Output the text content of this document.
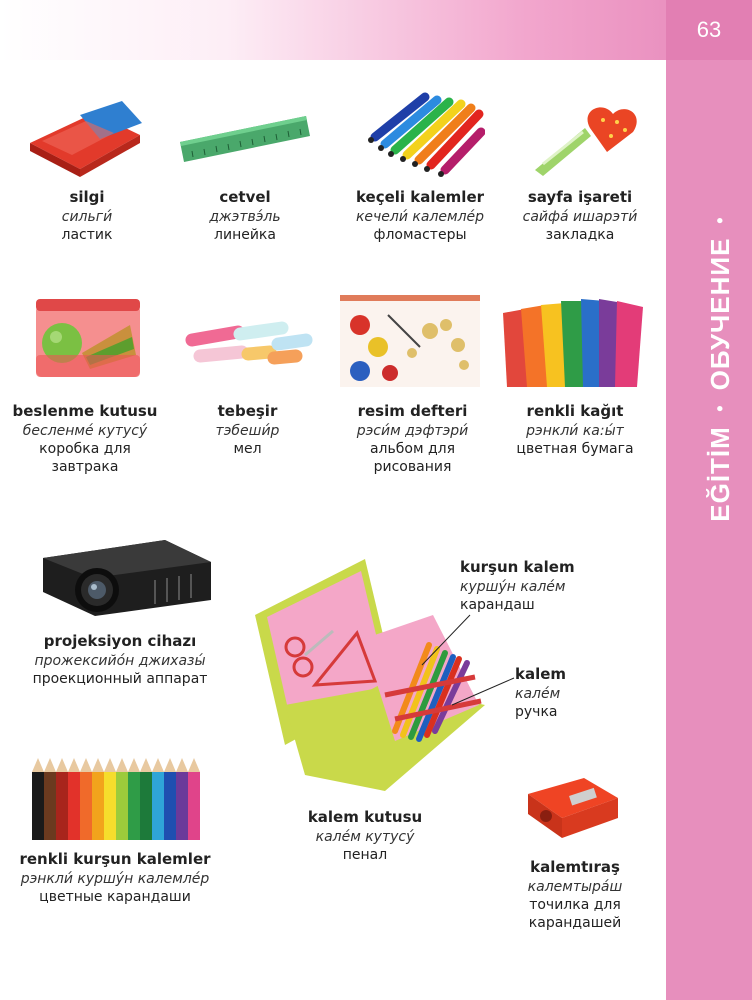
EĞİTİM • ОБУЧЕНИЕ •
63
silgi
сильги́
ластик
cetvel
джэтвэ́ль
линейка
keçeli kalemler
кечели́ калемлéр
фломастеры
sayfa işareti
сайфа́ ишарэти́
закладка
beslenme kutusu
бесленмé кутусу́
коробка для
завтрака
tebeşir
тэбеши́р
мел
resim defteri
рэси́м дэфтэри́
альбом для
рисования
renkli kağıt
рэнкли́ ка:ы́т
цветная бумага
projeksiyon cihazı
прожексийо́н джихазы́
проекционный аппарат
kurşun kalem
куршу́н калéм
карандаш
kalem
калéм
ручка
kalem kutusu
калéм кутусу́
пенал
renkli kurşun kalemler
рэнкли́ куршу́н калемлéр
цветные карандаши
kalemtıraş
калемтыра́ш
точилка для
карандашей
